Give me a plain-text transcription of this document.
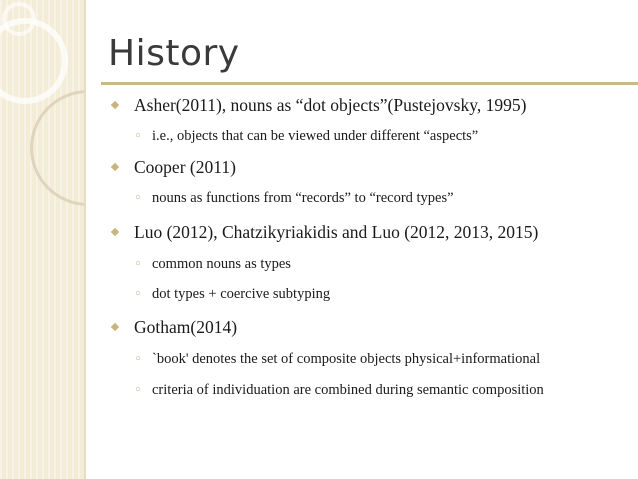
History
Asher(2011), nouns as “dot objects”(Pustejovsky, 1995)
◦ i.e., objects that can be viewed under different “aspects”
Cooper (2011)
◦ nouns as functions from “records” to “record types”
Luo (2012), Chatzikyriakidis and Luo (2012, 2013, 2015)
◦ common nouns as types
◦ dot types + coercive subtyping
Gotham(2014)
◦ `book' denotes the set of composite objects physical+informational
◦ criteria of individuation are combined during semantic composition
